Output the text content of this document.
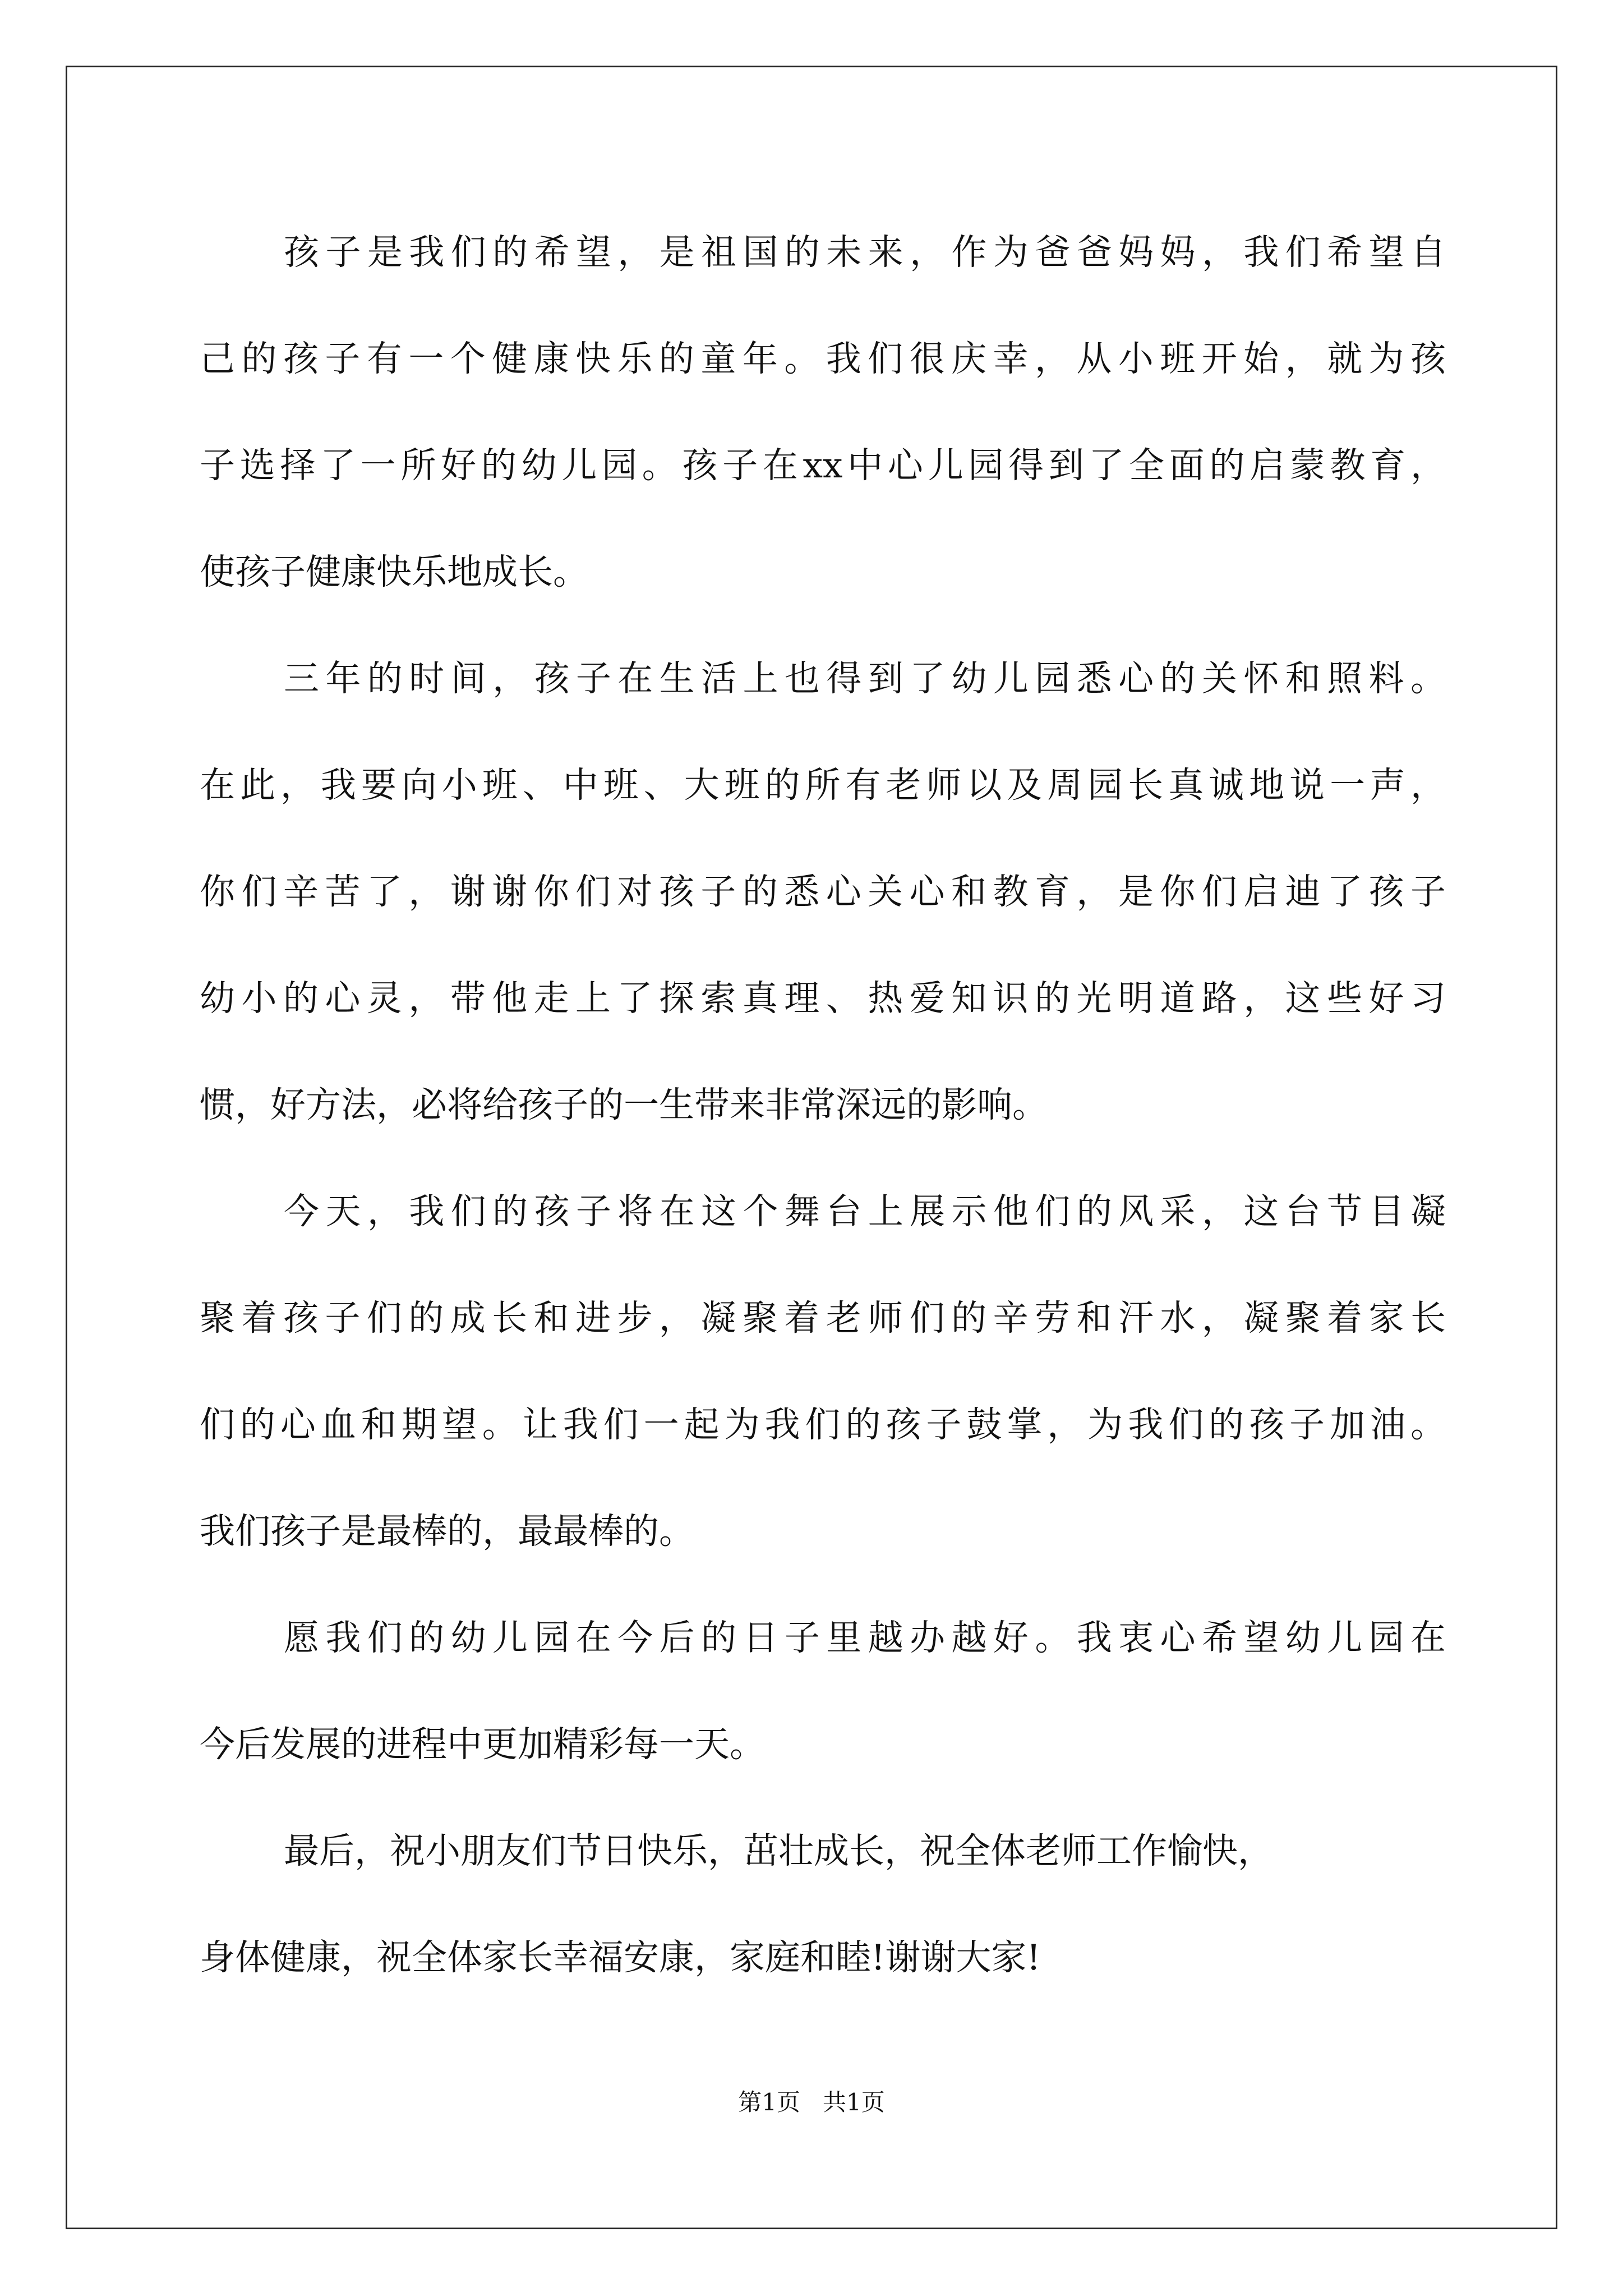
孩子是我们的希望，是祖国的未来，作为爸爸妈妈，我们希望自
己的孩子有一个健康快乐的童年。我们很庆幸，从小班开始，就为孩
子选择了一所好的幼儿园。孩子在xx中心儿园得到了全面的启蒙教育，
使孩子健康快乐地成长。
三年的时间，孩子在生活上也得到了幼儿园悉心的关怀和照料。
在此，我要向小班、中班、大班的所有老师以及周园长真诚地说一声，
你们辛苦了，谢谢你们对孩子的悉心关心和教育，是你们启迪了孩子
幼小的心灵，带他走上了探索真理、热爱知识的光明道路，这些好习
惯，好方法，必将给孩子的一生带来非常深远的影响。
今天，我们的孩子将在这个舞台上展示他们的风采，这台节目凝
聚着孩子们的成长和进步，凝聚着老师们的辛劳和汗水，凝聚着家长
们的心血和期望。让我们一起为我们的孩子鼓掌，为我们的孩子加油。
我们孩子是最棒的，最最棒的。
愿我们的幼儿园在今后的日子里越办越好。我衷心希望幼儿园在
今后发展的进程中更加精彩每一天。
最后，祝小朋友们节日快乐，茁壮成长，祝全体老师工作愉快，
身体健康，祝全体家长幸福安康，家庭和睦!谢谢大家!
第1页   共1页
